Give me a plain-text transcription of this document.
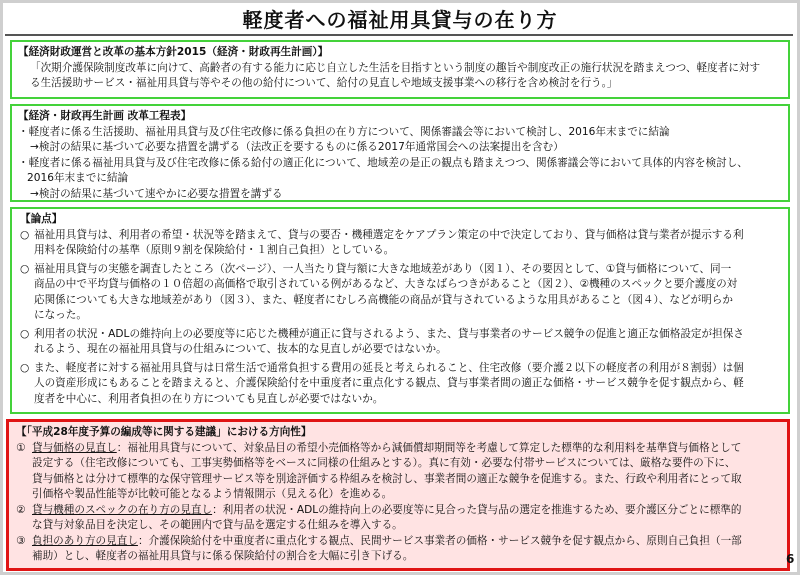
軽度者への福祉用具貸与の在り方
【経済財政運営と改革の基本方針2015（経済・財政再生計画）】
「次期介護保険制度改革に向けて、高齢者の有する能力に応じ自立した生活を目指すという制度の趣旨や制度改正の施行状況を踏まえつつ、軽度者に対す
る生活援助サービス・福祉用具貸与等やその他の給付について、給付の見直しや地域支援事業への移行を含め検討を行う。」
【経済・財政再生計画 改革工程表】
・軽度者に係る生活援助、福祉用具貸与及び住宅改修に係る負担の在り方について、関係審議会等において検討し、2016年末までに結論
→検討の結果に基づいて必要な措置を講ずる（法改正を要するものに係る2017年通常国会への法案提出を含む）
・軽度者に係る福祉用具貸与及び住宅改修に係る給付の適正化について、地域差の是正の観点も踏まえつつ、関係審議会等において具体的内容を検討し、
2016年末までに結論
→検討の結果に基づいて速やかに必要な措置を講ずる
【論点】
○ 福祉用具貸与は、利用者の希望・状況等を踏まえて、貸与の要否・機種選定をケアプラン策定の中で決定しており、貸与価格は貸与業者が提示する利
用料を保険給付の基準（原則９割を保険給付・１割自己負担）としている。
○ 福祉用具貸与の実態を調査したところ（次ページ）、一人当たり貸与額に大きな地域差があり（図１）、その要因として、①貸与価格について、同一
商品の中で平均貸与価格の１０倍超の高価格で取引されている例があるなど、大きなばらつきがあること（図２）、②機種のスペックと要介護度の対
応関係についても大きな地域差があり（図３）、また、軽度者にむしろ高機能の商品が貸与されているような用具があること（図４）、などが明らか
になった。
○ 利用者の状況・ADLの維持向上の必要度等に応じた機種が適正に貸与されるよう、また、貸与事業者のサービス競争の促進と適正な価格設定が担保さ
れるよう、現在の福祉用具貸与の仕組みについて、抜本的な見直しが必要ではないか。
○ また、軽度者に対する福祉用具貸与は日常生活で通常負担する費用の延長と考えられること、住宅改修（要介護２以下の軽度者の利用が８割弱）は個
人の資産形成にもあることを踏まえると、介護保険給付を中重度者に重点化する観点、貸与事業者間の適正な価格・サービス競争を促す観点から、軽
度者を中心に、利用者負担の在り方についても見直しが必要ではないか。
【「平成28年度予算の編成等に関する建議」における方向性】
① 貸与価格の見直し：福祉用具貸与について、対象品目の希望小売価格等から減価償却期間等を考慮して算定した標準的な利用料を基準貸与価格として
設定する（住宅改修についても、工事実勢価格等をベースに同様の仕組みとする）。真に有効・必要な付帯サービスについては、厳格な要件の下に、
貸与価格とは分けて標準的な保守管理サービス等を別途評価する枠組みを検討し、事業者間の適正な競争を促進する。また、行政や利用者にとって取
引価格や製品性能等が比較可能となるよう情報開示（見える化）を進める。
② 貸与機種のスペックの在り方の見直し：利用者の状況・ADLの維持向上の必要度等に見合った貸与品の選定を推進するため、要介護区分ごとに標準的
な貸与対象品目を決定し、その範囲内で貸与品を選定する仕組みを導入する。
③ 負担のあり方の見直し：介護保険給付を中重度者に重点化する観点、民間サービス事業者の価格・サービス競争を促す観点から、原則自己負担（一部
補助）とし、軽度者の福祉用具貸与に係る保険給付の割合を大幅に引き下げる。	6
